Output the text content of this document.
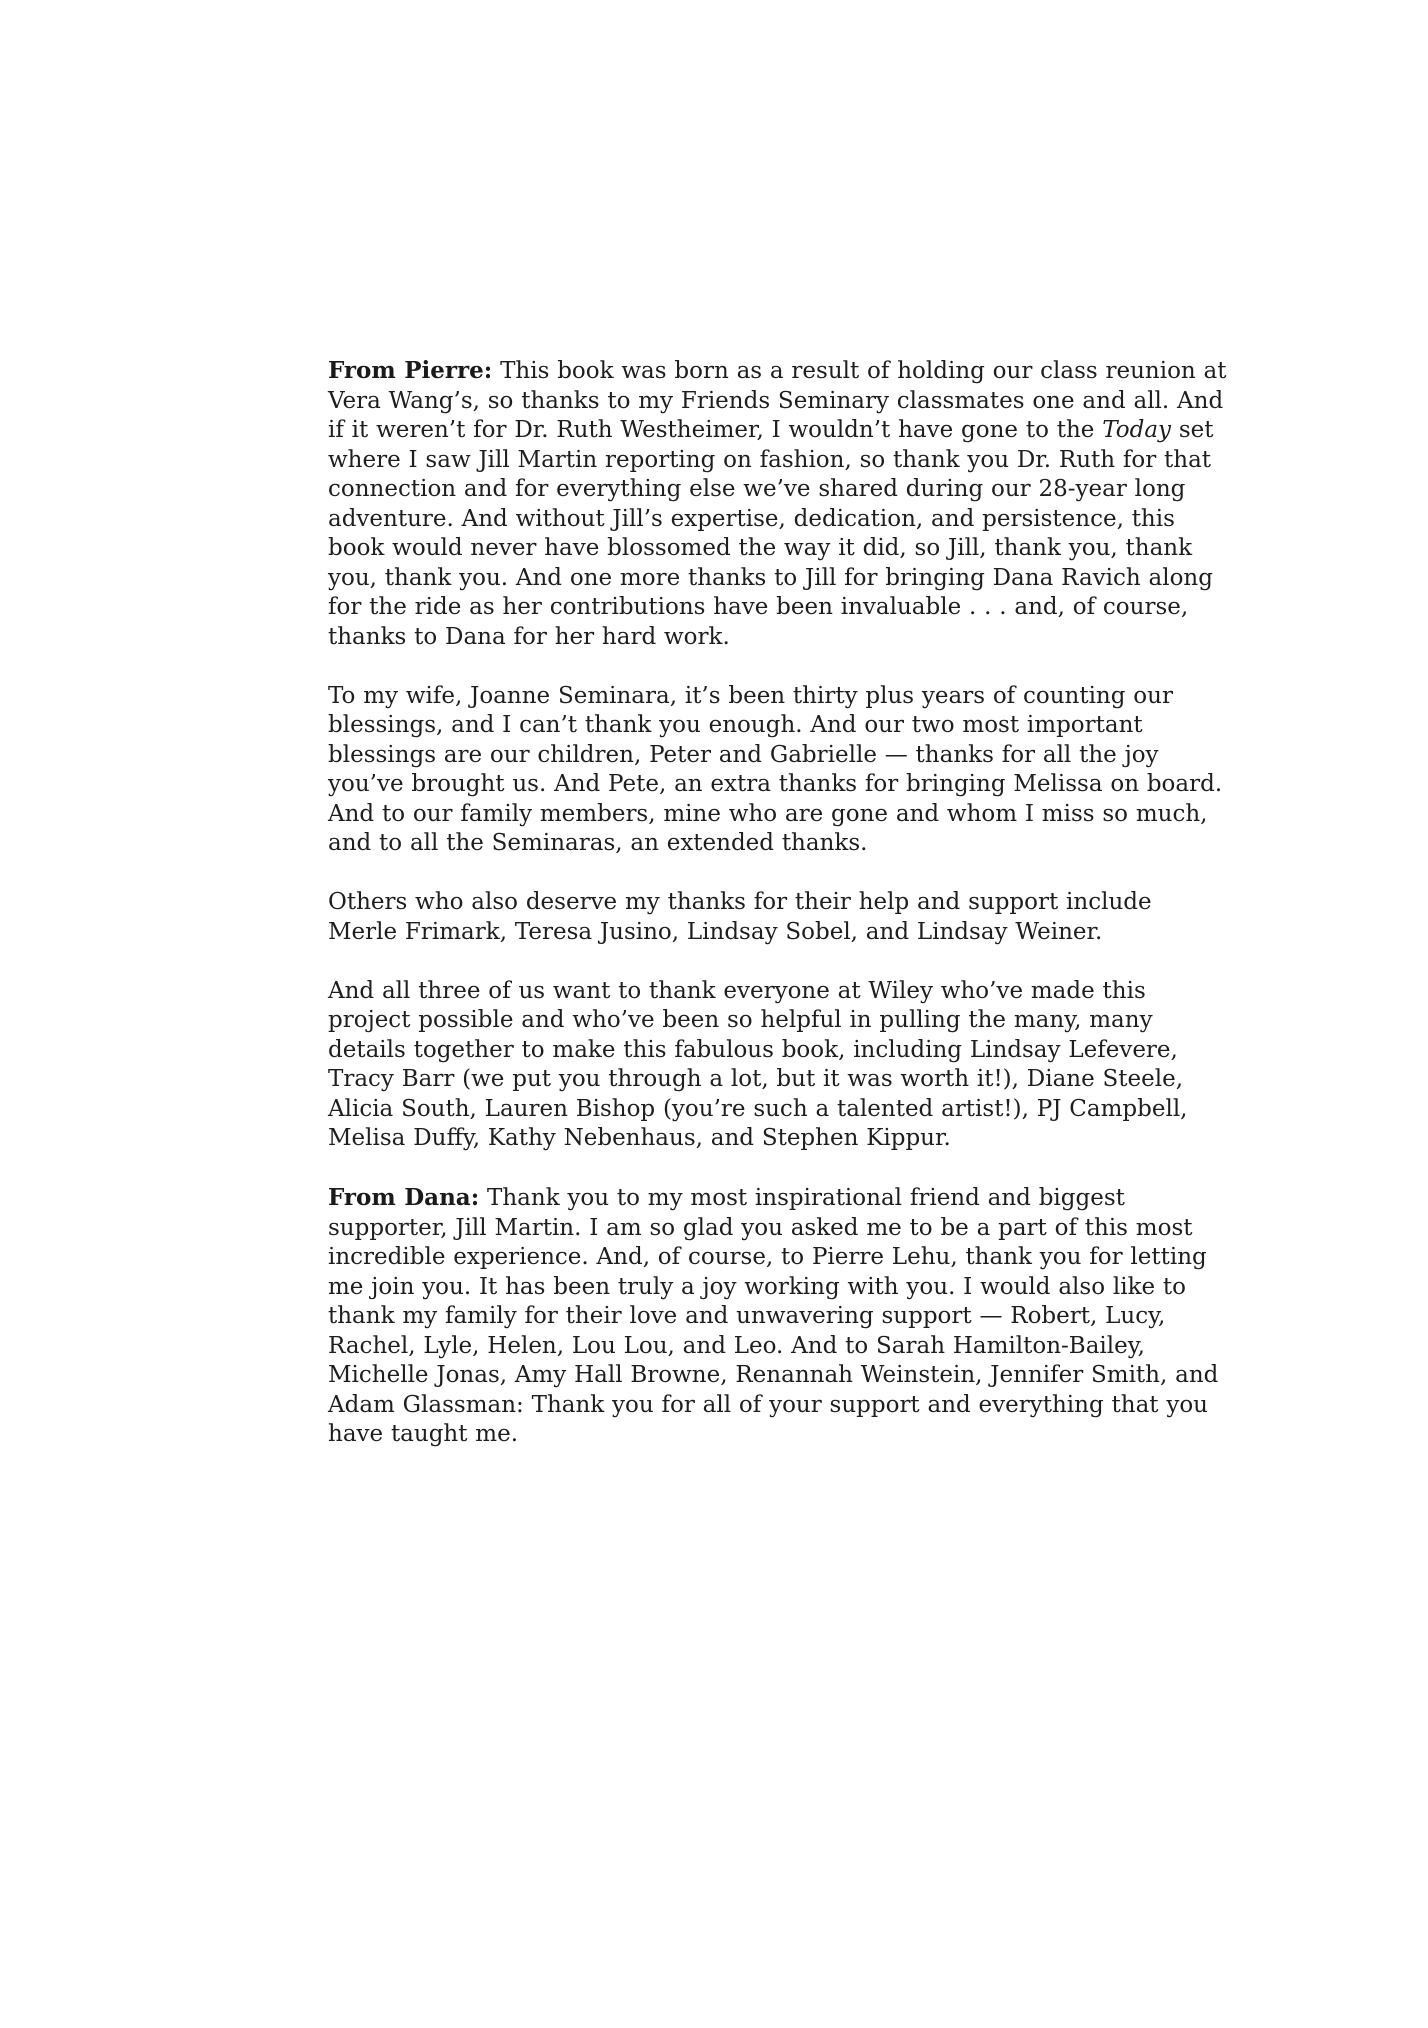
From Pierre: This book was born as a result of holding our class reunion at Vera Wang’s, so thanks to my Friends Seminary classmates one and all. And if it weren’t for Dr. Ruth Westheimer, I wouldn’t have gone to the Today set where I saw Jill Martin reporting on fashion, so thank you Dr. Ruth for that connection and for everything else we’ve shared during our 28-year long adventure. And without Jill’s expertise, dedication, and persistence, this book would never have blossomed the way it did, so Jill, thank you, thank you, thank you. And one more thanks to Jill for bringing Dana Ravich along for the ride as her contributions have been invaluable . . . and, of course, thanks to Dana for her hard work.

To my wife, Joanne Seminara, it’s been thirty plus years of counting our blessings, and I can’t thank you enough. And our two most important blessings are our children, Peter and Gabrielle — thanks for all the joy you’ve brought us. And Pete, an extra thanks for bringing Melissa on board. And to our family members, mine who are gone and whom I miss so much, and to all the Seminaras, an extended thanks.

Others who also deserve my thanks for their help and support include Merle Frimark, Teresa Jusino, Lindsay Sobel, and Lindsay Weiner.

And all three of us want to thank everyone at Wiley who’ve made this project possible and who’ve been so helpful in pulling the many, many details together to make this fabulous book, including Lindsay Lefevere, Tracy Barr (we put you through a lot, but it was worth it!), Diane Steele, Alicia South, Lauren Bishop (you’re such a talented artist!), PJ Campbell, Melisa Duffy, Kathy Nebenhaus, and Stephen Kippur.

From Dana: Thank you to my most inspirational friend and biggest supporter, Jill Martin. I am so glad you asked me to be a part of this most incredible experience. And, of course, to Pierre Lehu, thank you for letting me join you. It has been truly a joy working with you. I would also like to thank my family for their love and unwavering support — Robert, Lucy, Rachel, Lyle, Helen, Lou Lou, and Leo. And to Sarah Hamilton-Bailey, Michelle Jonas, Amy Hall Browne, Renannah Weinstein, Jennifer Smith, and Adam Glassman: Thank you for all of your support and everything that you have taught me.
